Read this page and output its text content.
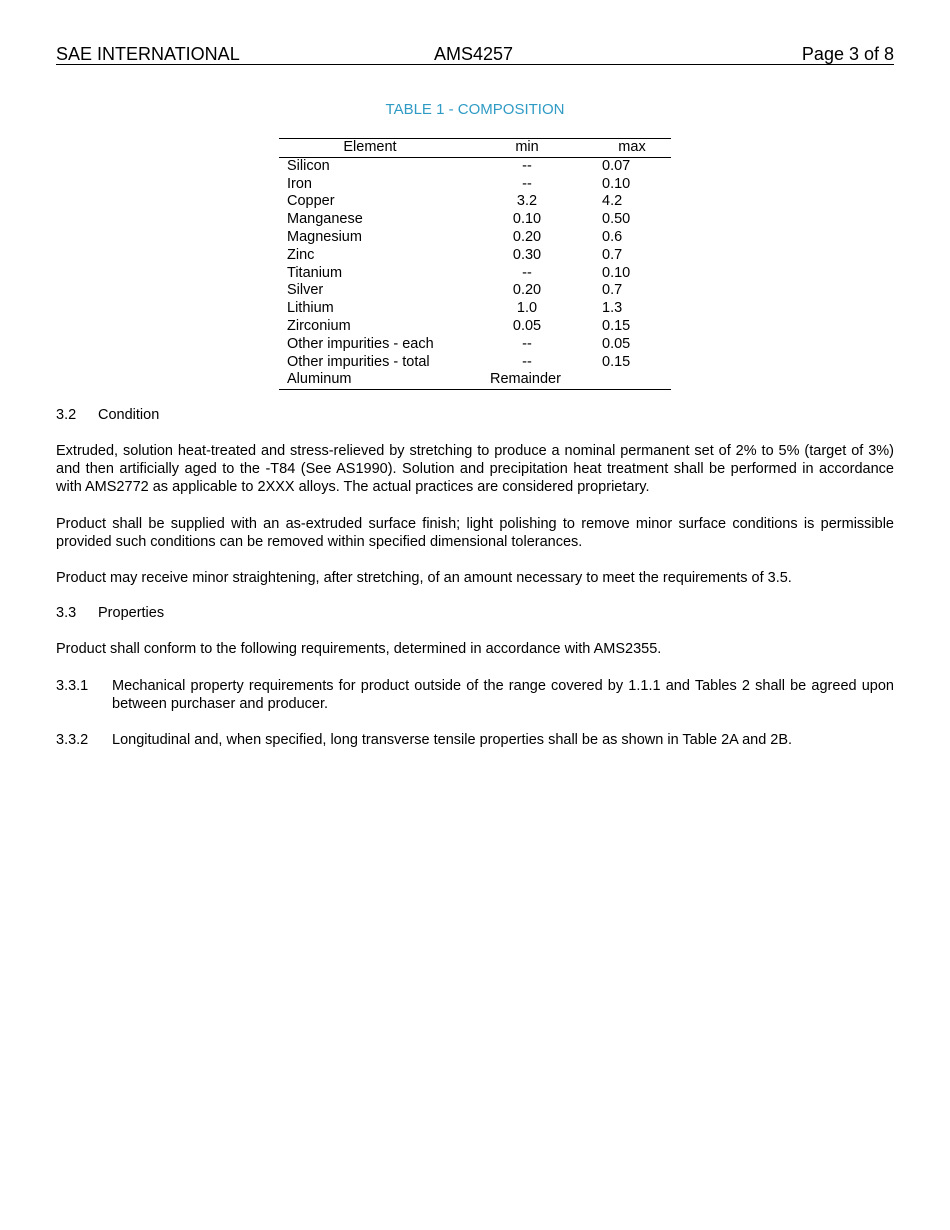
SAE INTERNATIONAL	AMS4257	Page 3 of 8
TABLE 1 - COMPOSITION
Element	min	max
Silicon	--	0.07
Iron	--	0.10
Copper	3.2	4.2
Manganese	0.10	0.50
Magnesium	0.20	0.6
Zinc	0.30	0.7
Titanium	--	0.10
Silver	0.20	0.7
Lithium	1.0	1.3
Zirconium	0.05	0.15
Other impurities - each	--	0.05
Other impurities - total	--	0.15
Aluminum	Remainder	
3.2 Condition
Extruded, solution heat-treated and stress-relieved by stretching to produce a nominal permanent set of 2% to 5% (target of 3%) and then artificially aged to the -T84 (See AS1990). Solution and precipitation heat treatment shall be performed in accordance with AMS2772 as applicable to 2XXX alloys. The actual practices are considered proprietary.
Product shall be supplied with an as-extruded surface finish; light polishing to remove minor surface conditions is permissible provided such conditions can be removed within specified dimensional tolerances.
Product may receive minor straightening, after stretching, of an amount necessary to meet the requirements of 3.5.
3.3 Properties
Product shall conform to the following requirements, determined in accordance with AMS2355.
3.3.1 Mechanical property requirements for product outside of the range covered by 1.1.1 and Tables 2 shall be agreed upon between purchaser and producer.
3.3.2 Longitudinal and, when specified, long transverse tensile properties shall be as shown in Table 2A and 2B.
